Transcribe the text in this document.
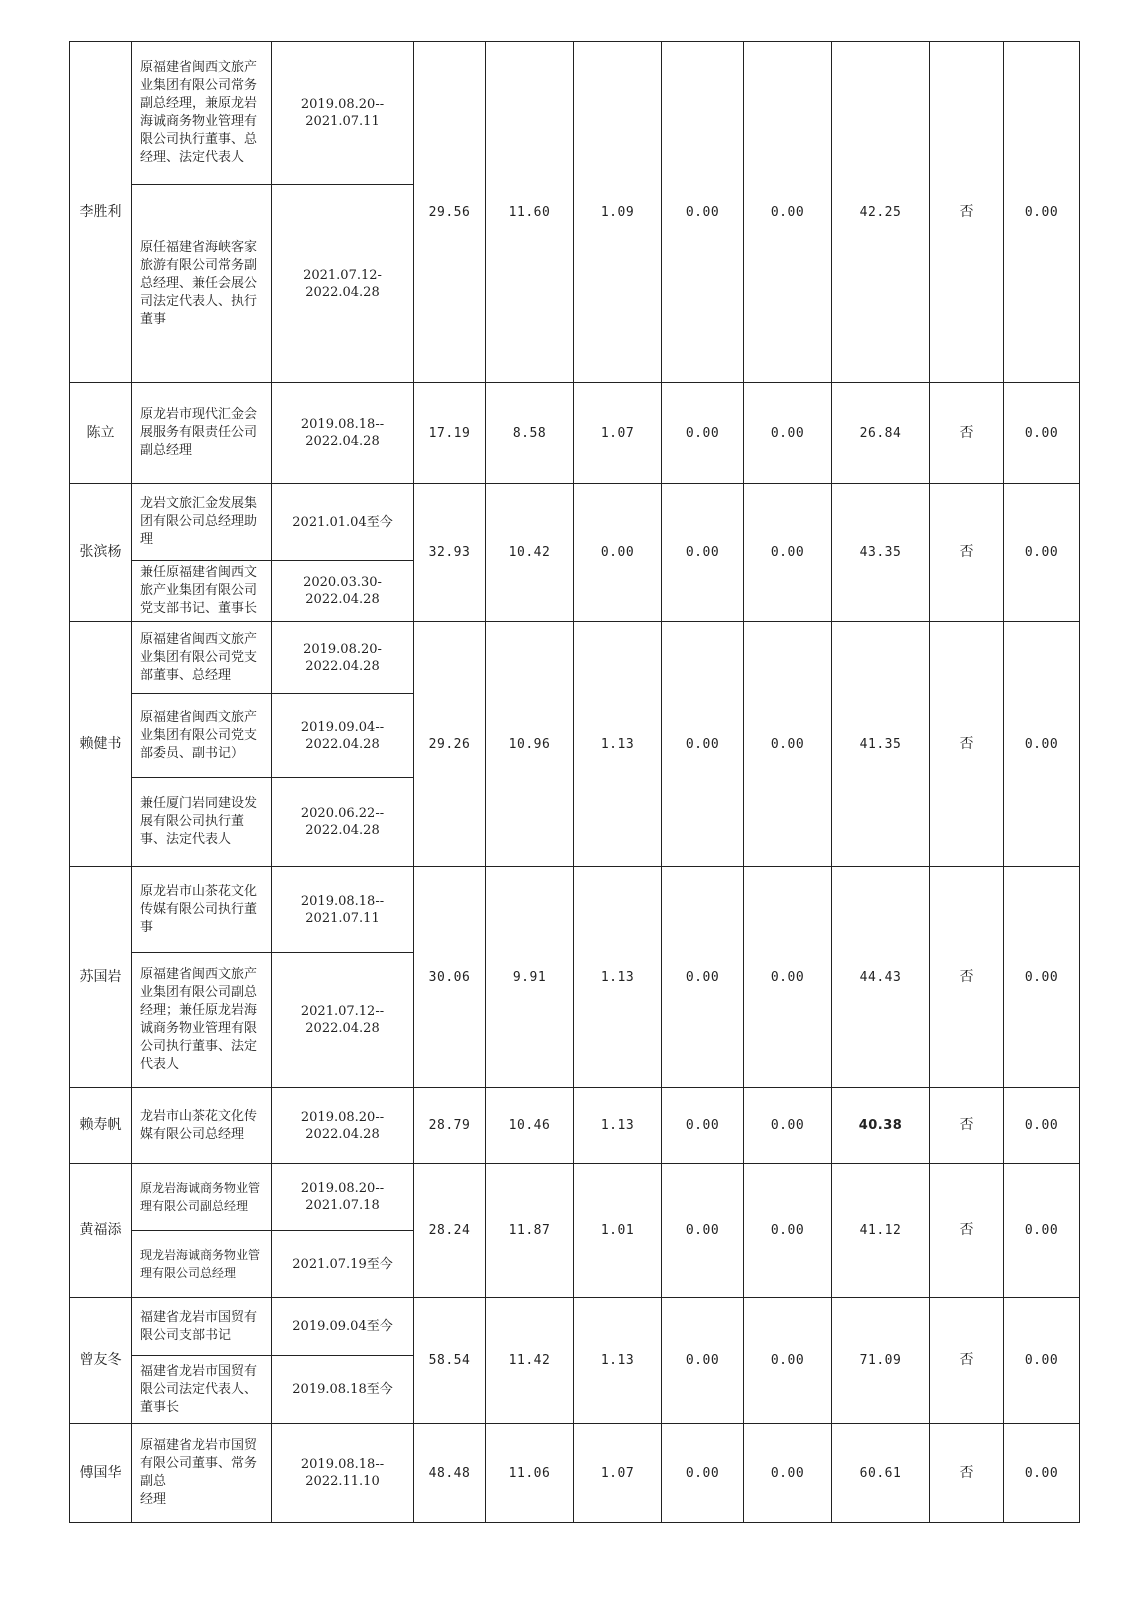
李胜利	原福建省闽西文旅产业集团有限公司常务副总经理，兼原龙岩海诚商务物业管理有限公司执行董事、总经理、法定代表人	2019.08.20--
2021.07.11	29.56	11.60	1.09	0.00	0.00	42.25	否	0.00
	原任福建省海峡客家旅游有限公司常务副总经理、兼任会展公司法定代表人、执行董事	2021.07.12-
2022.04.28								
陈立	原龙岩市现代汇金会展服务有限责任公司副总经理	2019.08.18--
2022.04.28	17.19	8.58	1.07	0.00	0.00	26.84	否	0.00
张滨杨	龙岩文旅汇金发展集团有限公司总经理助理	2021.01.04至今	32.93	10.42	0.00	0.00	0.00	43.35	否	0.00
	兼任原福建省闽西文旅产业集团有限公司党支部书记、董事长	2020.03.30-
2022.04.28								
赖健书	原福建省闽西文旅产业集团有限公司党支部董事、总经理	2019.08.20-
2022.04.28	29.26	10.96	1.13	0.00	0.00	41.35	否	0.00
	原福建省闽西文旅产业集团有限公司党支部委员、副书记）	2019.09.04--
2022.04.28								
	兼任厦门岩同建设发展有限公司执行董事、法定代表人	2020.06.22--
2022.04.28								
苏国岩	原龙岩市山茶花文化传媒有限公司执行董事	2019.08.18--
2021.07.11	30.06	9.91	1.13	0.00	0.00	44.43	否	0.00
	原福建省闽西文旅产业集团有限公司副总经理；兼任原龙岩海诚商务物业管理有限公司执行董事、法定代表人	2021.07.12--
2022.04.28								
赖寿帆	龙岩市山茶花文化传媒有限公司总经理	2019.08.20--
2022.04.28	28.79	10.46	1.13	0.00	0.00	40.38	否	0.00
黄福添	原龙岩海诚商务物业管理有限公司副总经理	2019.08.20--
2021.07.18	28.24	11.87	1.01	0.00	0.00	41.12	否	0.00
	现龙岩海诚商务物业管理有限公司总经理	2021.07.19至今								
曾友冬	福建省龙岩市国贸有限公司支部书记	2019.09.04至今	58.54	11.42	1.13	0.00	0.00	71.09	否	0.00
	福建省龙岩市国贸有限公司法定代表人、董事长	2019.08.18至今								
傅国华	原福建省龙岩市国贸有限公司董事、常务副总
经理	2019.08.18--
2022.11.10	48.48	11.06	1.07	0.00	0.00	60.61	否	0.00
